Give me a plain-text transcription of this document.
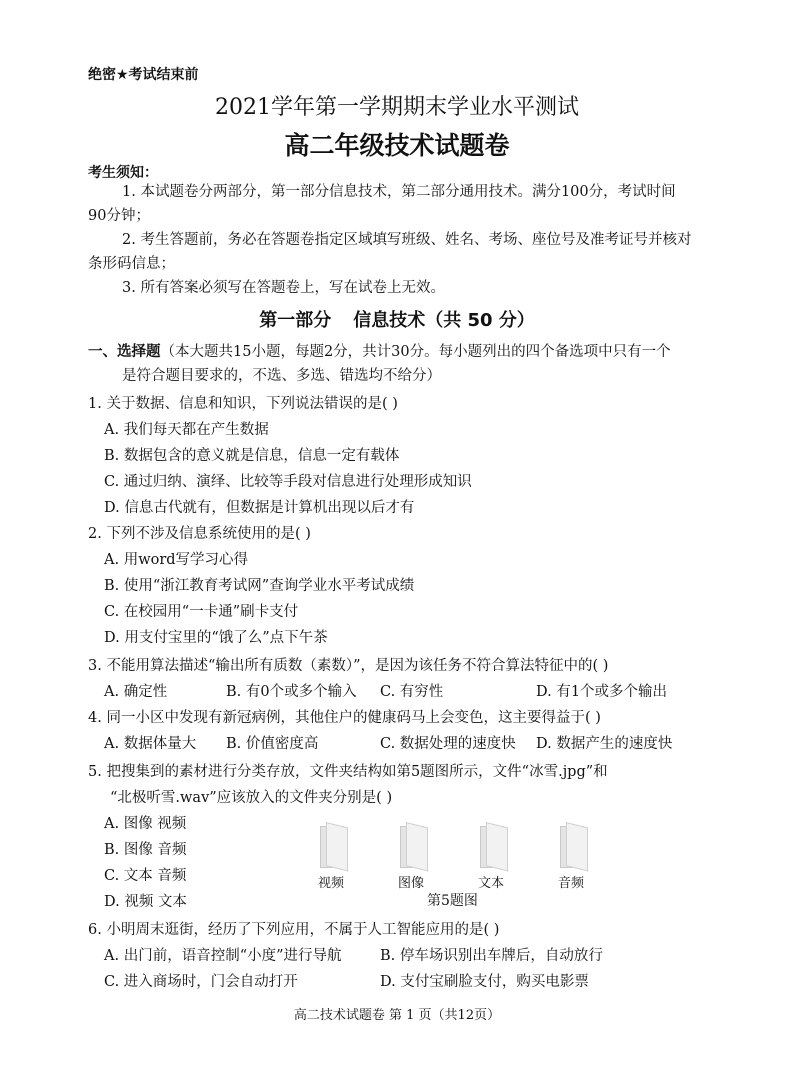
绝密★考试结束前
2021学年第一学期期末学业水平测试
高二年级技术试题卷
考生须知：
1. 本试题卷分两部分，第一部分信息技术，第二部分通用技术。满分100分，考试时间
90分钟；
2. 考生答题前，务必在答题卷指定区域填写班级、姓名、考场、座位号及准考证号并核对
条形码信息；
3. 所有答案必须写在答题卷上，写在试卷上无效。
第一部分 信息技术（共 50 分）
一、选择题（本大题共15小题，每题2分，共计30分。每小题列出的四个备选项中只有一个
是符合题目要求的，不选、多选、错选均不给分）
1. 关于数据、信息和知识，下列说法错误的是( )
A. 我们每天都在产生数据
B. 数据包含的意义就是信息，信息一定有载体
C. 通过归纳、演绎、比较等手段对信息进行处理形成知识
D. 信息古代就有，但数据是计算机出现以后才有
2. 下列不涉及信息系统使用的是( )
A. 用word写学习心得
B. 使用“浙江教育考试网”查询学业水平考试成绩
C. 在校园用“一卡通”刷卡支付
D. 用支付宝里的“饿了么”点下午茶
3. 不能用算法描述“输出所有质数（素数）”，是因为该任务不符合算法特征中的( )
A. 确定性	B. 有0个或多个输入 C. 有穷性	D. 有1个或多个输出
4. 同一小区中发现有新冠病例，其他住户的健康码马上会变色，这主要得益于( )
A. 数据体量大 B. 价值密度高	C. 数据处理的速度快 D. 数据产生的速度快
5. 把搜集到的素材进行分类存放，文件夹结构如第5题图所示，文件“冰雪.jpg”和
“北极听雪.wav”应该放入的文件夹分别是( )
A. 图像 视频
B. 图像 音频
C. 文本 音频
D. 视频 文本
视频	图像	文本	音频
第5题图
6. 小明周末逛街，经历了下列应用，不属于人工智能应用的是( )
A. 出门前，语音控制“小度”进行导航	B. 停车场识别出车牌后，自动放行
C. 进入商场时，门会自动打开	D. 支付宝刷脸支付，购买电影票
高二技术试题卷 第 1 页（共12页）
